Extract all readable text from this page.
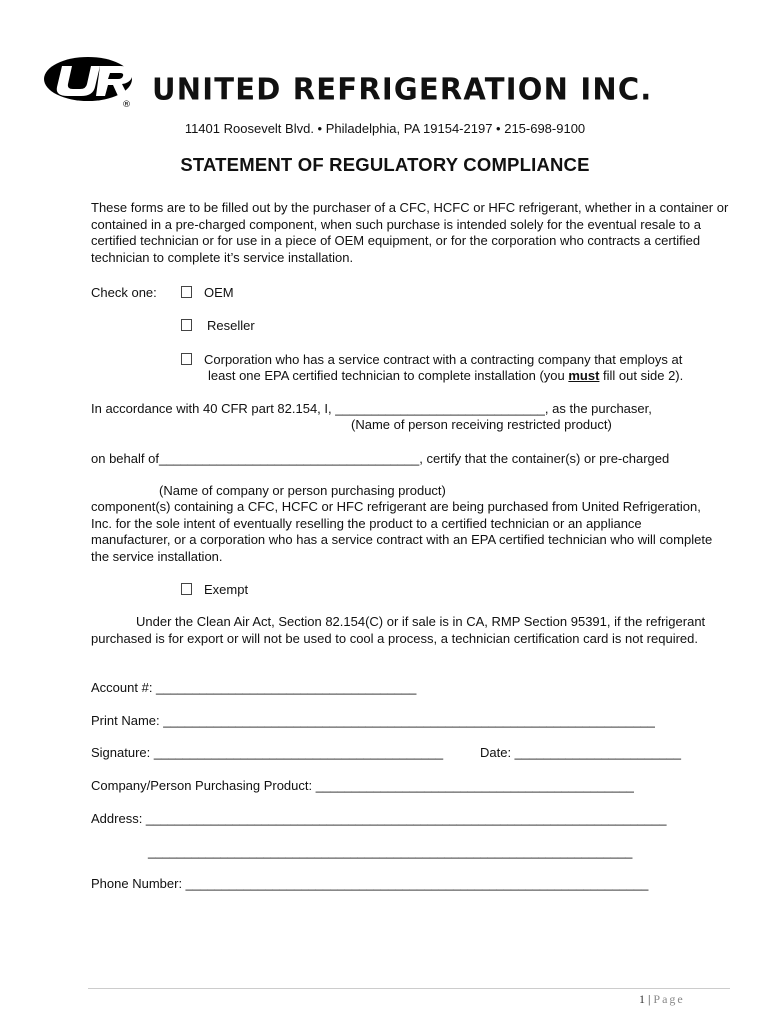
® UNITED REFRIGERATION INC.
11401 Roosevelt Blvd. • Philadelphia, PA 19154-2197 • 215-698-9100
STATEMENT OF REGULATORY COMPLIANCE
These forms are to be filled out by the purchaser of a CFC, HCFC or HFC refrigerant, whether in a container or contained in a pre-charged component, when such purchase is intended solely for the eventual resale to a certified technician or for use in a piece of OEM equipment, or for the corporation who contracts a certified technician to complete it’s service installation.
Check one:	OEM
Reseller
Corporation who has a service contract with a contracting company that employs at
least one EPA certified technician to complete installation (you must fill out side 2).
In accordance with 40 CFR part 82.154, I, _____________________________, as the purchaser,
(Name of person receiving restricted product)
on behalf of____________________________________, certify that the container(s) or pre-charged
(Name of company or person purchasing product)
component(s) containing a CFC, HCFC or HFC refrigerant are being purchased from United Refrigeration, Inc. for the sole intent of eventually reselling the product to a certified technician or an appliance manufacturer, or a corporation who has a service contract with an EPA certified technician who will complete the service installation.
Exempt
Under the Clean Air Act, Section 82.154(C) or if sale is in CA, RMP Section 95391, if the refrigerant purchased is for export or will not be used to cool a process, a technician certification card is not required.
Account #: ____________________________________
Print Name: ____________________________________________________________________
Signature: ________________________________________	Date: _______________________
Company/Person Purchasing Product: ____________________________________________
Address: ________________________________________________________________________
___________________________________________________________________
Phone Number: ________________________________________________________________
1 | Page
